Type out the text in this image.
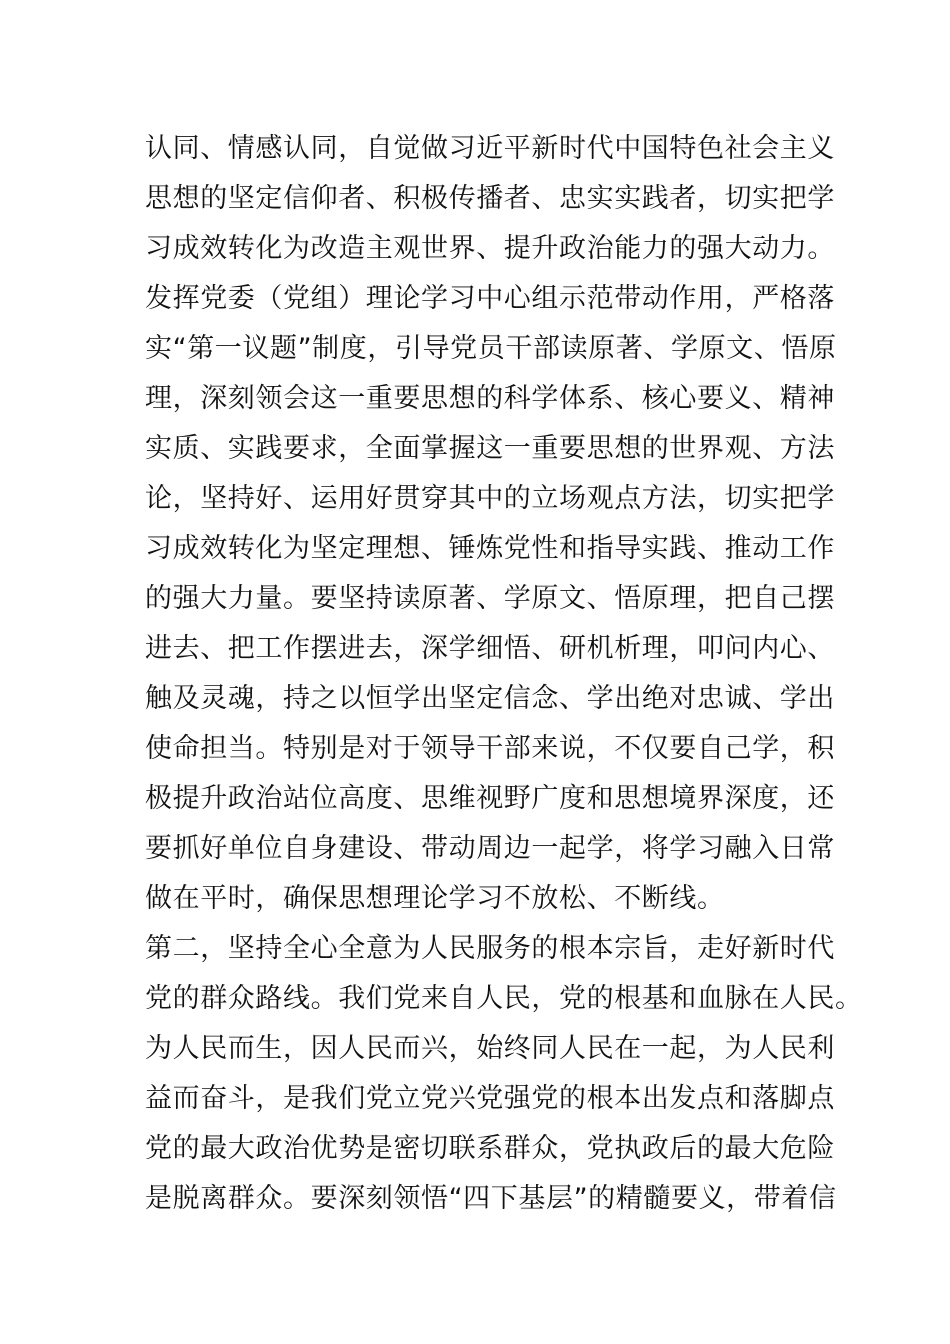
认同、情感认同，自觉做习近平新时代中国特色社会主义
思想的坚定信仰者、积极传播者、忠实实践者，切实把学
习成效转化为改造主观世界、提升政治能力的强大动力。
发挥党委（党组）理论学习中心组示范带动作用，严格落
实“第一议题”制度，引导党员干部读原著、学原文、悟原
理，深刻领会这一重要思想的科学体系、核心要义、精神
实质、实践要求，全面掌握这一重要思想的世界观、方法
论，坚持好、运用好贯穿其中的立场观点方法，切实把学
习成效转化为坚定理想、锤炼党性和指导实践、推动工作
的强大力量。要坚持读原著、学原文、悟原理，把自己摆
进去、把工作摆进去，深学细悟、研机析理，叩问内心、
触及灵魂，持之以恒学出坚定信念、学出绝对忠诚、学出
使命担当。特别是对于领导干部来说，不仅要自己学，积
极提升政治站位高度、思维视野广度和思想境界深度，还
要抓好单位自身建设、带动周边一起学，将学习融入日常
做在平时，确保思想理论学习不放松、不断线。
第二，坚持全心全意为人民服务的根本宗旨，走好新时代
党的群众路线。我们党来自人民，党的根基和血脉在人民。
为人民而生，因人民而兴，始终同人民在一起，为人民利
益而奋斗，是我们党立党兴党强党的根本出发点和落脚点
党的最大政治优势是密切联系群众，党执政后的最大危险
是脱离群众。要深刻领悟“四下基层”的精髓要义，带着信
